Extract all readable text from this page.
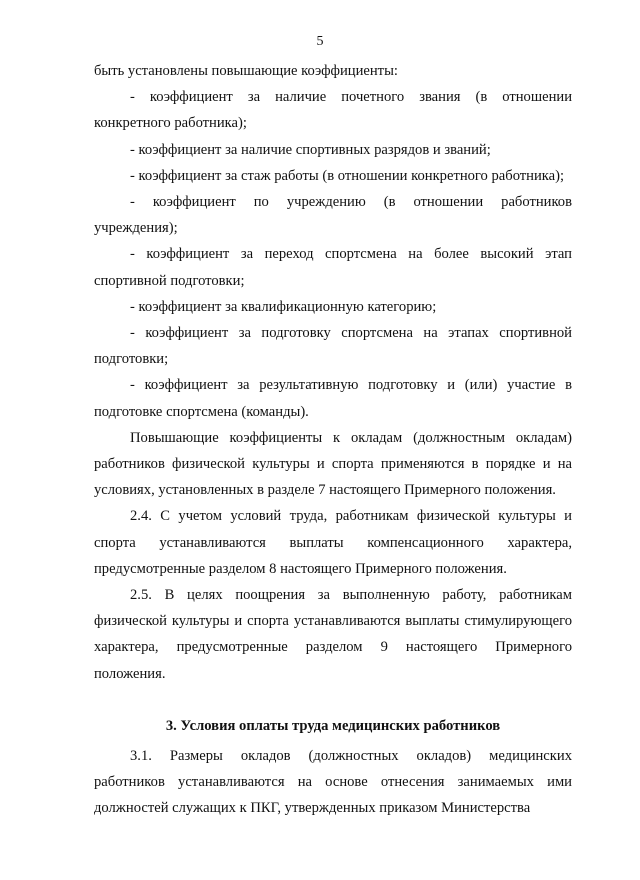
5

быть установлены повышающие коэффициенты:

- коэффициент за наличие почетного звания (в отношении конкретного работника);

- коэффициент за наличие спортивных разрядов и званий;

- коэффициент за стаж работы (в отношении конкретного работника);

- коэффициент по учреждению (в отношении работников учреждения);

- коэффициент за переход спортсмена на более высокий этап спортивной подготовки;

- коэффициент за квалификационную категорию;

- коэффициент за подготовку спортсмена на этапах спортивной подготовки;

- коэффициент за результативную подготовку и (или) участие в подготовке спортсмена (команды).

Повышающие коэффициенты к окладам (должностным окладам) работников физической культуры и спорта применяются в порядке и на условиях, установленных в разделе 7 настоящего Примерного положения.

2.4. С учетом условий труда, работникам физической культуры и спорта устанавливаются выплаты компенсационного характера, предусмотренные разделом 8 настоящего Примерного положения.

2.5. В целях поощрения за выполненную работу, работникам физической культуры и спорта устанавливаются выплаты стимулирующего характера, предусмотренные разделом 9 настоящего Примерного положения.

3. Условия оплаты труда медицинских работников

3.1. Размеры окладов (должностных окладов) медицинских работников устанавливаются на основе отнесения занимаемых ими должностей служащих к ПКГ, утвержденных приказом Министерства
